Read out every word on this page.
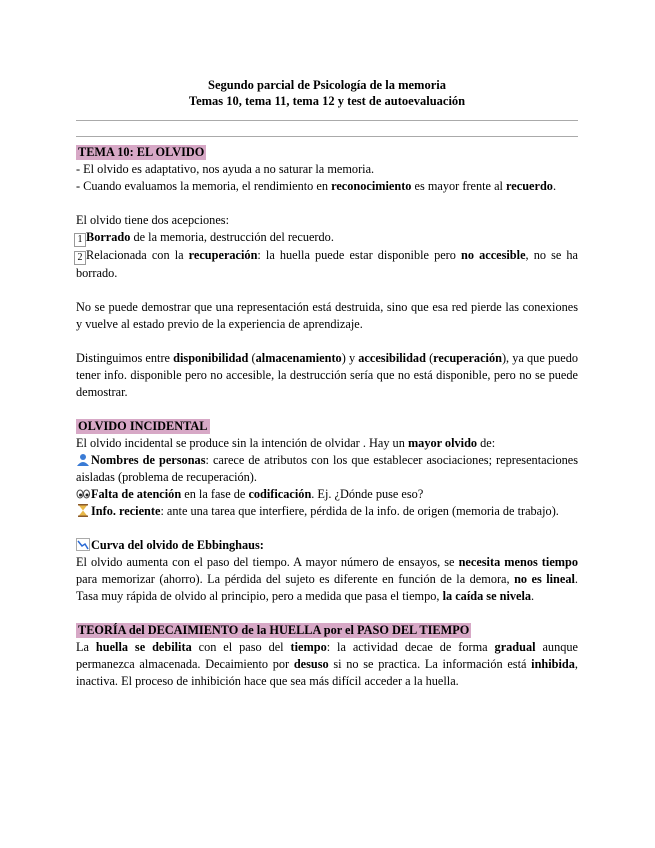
Segundo parcial de Psicología de la memoria
Temas 10, tema 11, tema 12 y test de autoevaluación
TEMA 10: EL OLVIDO

- El olvido es adaptativo, nos ayuda a no saturar la memoria.

- Cuando evaluamos la memoria, el rendimiento en reconocimiento es mayor frente al recuerdo.

El olvido tiene dos acepciones:

1 Borrado de la memoria, destrucción del recuerdo.

2 Relacionada con la recuperación: la huella puede estar disponible pero no accesible, no se ha borrado.

No se puede demostrar que una representación está destruida, sino que esa red pierde las conexiones y vuelve al estado previo de la experiencia de aprendizaje.

Distinguimos entre disponibilidad (almacenamiento) y accesibilidad (recuperación), ya que puedo tener info. disponible pero no accesible, la destrucción sería que no está disponible, pero no se puede demostrar.

OLVIDO INCIDENTAL

El olvido incidental se produce sin la intención de olvidar . Hay un mayor olvido de:

Nombres de personas: carece de atributos con los que establecer asociaciones; representaciones aisladas (problema de recuperación).

Falta de atención en la fase de codificación. Ej. ¿Dónde puse eso?

Info. reciente: ante una tarea que interfiere, pérdida de la info. de origen (memoria de trabajo).

Curva del olvido de Ebbinghaus:

El olvido aumenta con el paso del tiempo. A mayor número de ensayos, se necesita menos tiempo para memorizar (ahorro). La pérdida del sujeto es diferente en función de la demora, no es lineal. Tasa muy rápida de olvido al principio, pero a medida que pasa el tiempo, la caída se nivela.

TEORÍA del DECAIMIENTO de la HUELLA por el PASO DEL TIEMPO

La huella se debilita con el paso del tiempo: la actividad decae de forma gradual aunque permanezca almacenada. Decaimiento por desuso si no se practica. La información está inhibida, inactiva. El proceso de inhibición hace que sea más difícil acceder a la huella.
